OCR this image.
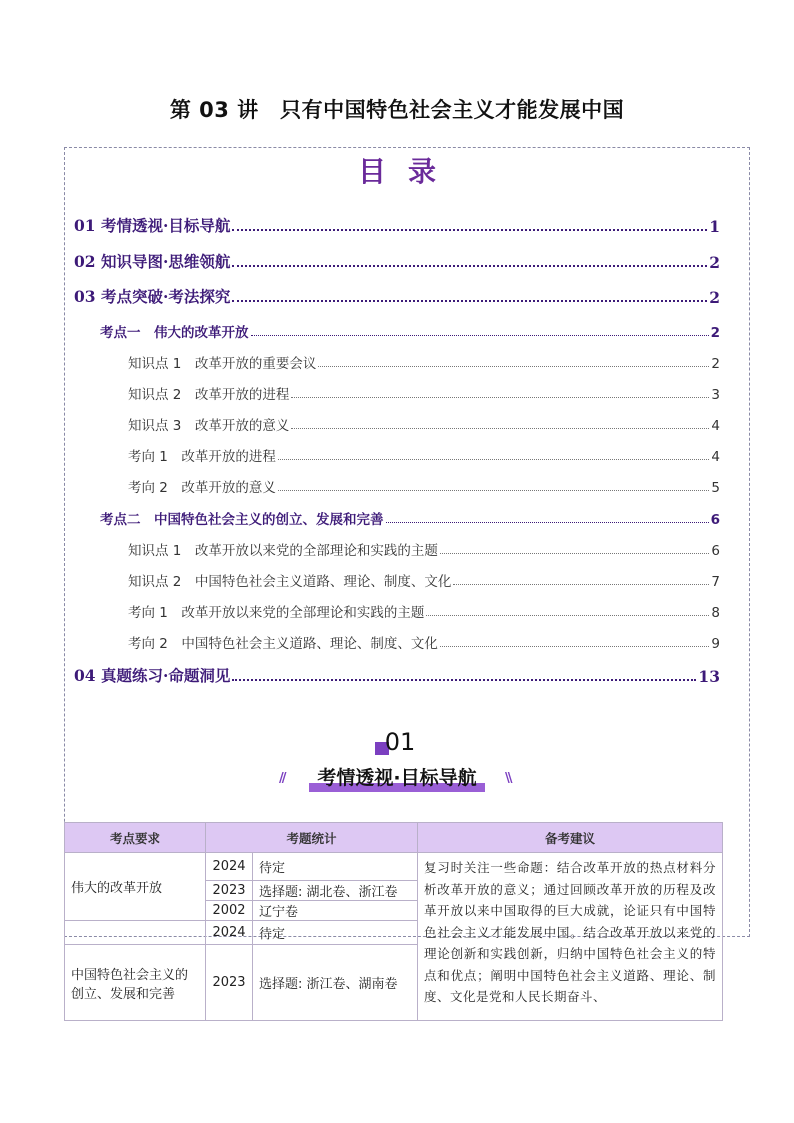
第 03 讲　只有中国特色社会主义才能发展中国
目录
01 考情透视·目标导航	1
02 知识导图·思维领航	2
03 考点突破·考法探究	2
考点一　伟大的改革开放	2
知识点 1　改革开放的重要会议	2
知识点 2　改革开放的进程	3
知识点 3　改革开放的意义	4
考向 1　改革开放的进程	4
考向 2　改革开放的意义	5
考点二　中国特色社会主义的创立、发展和完善	6
知识点 1　改革开放以来党的全部理论和实践的主题	6
知识点 2　中国特色社会主义道路、理论、制度、文化	7
考向 1　改革开放以来党的全部理论和实践的主题	8
考向 2　中国特色社会主义道路、理论、制度、文化	9
04 真题练习·命题洞见	13
01
//	考情透视·目标导航	\\
考点要求	考题统计		备考建议
伟大的改革开放	2024	待定	复习时关注一些命题：结合改革开放的热点材料分析改革开放的意义；通过回顾改革开放的历程及改革开放以来中国取得的巨大成就，论证只有中国特色社会主义才能发展中国。结合改革开放以来党的理论创新和实践创新，归纳中国特色社会主义的特点和优点；阐明中国特色社会主义道路、理论、制度、文化是党和人民长期奋斗、
	2023	选择题: 湖北卷、浙江卷	
	2002	辽宁卷	
	2024	待定	
中国特色社会主义的创立、发展和完善	2023	选择题: 浙江卷、湖南卷	
